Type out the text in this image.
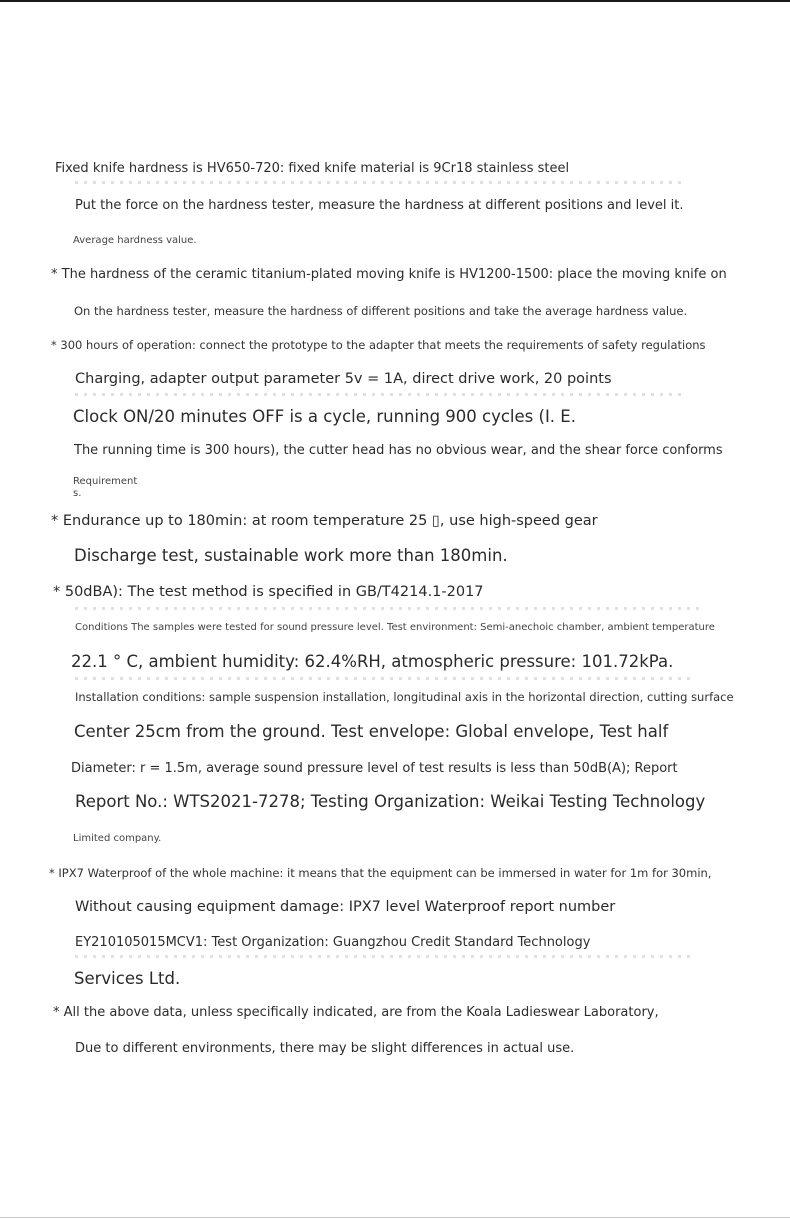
Fixed knife hardness is HV650-720: fixed knife material is 9Cr18 stainless steel
Put the force on the hardness tester, measure the hardness at different positions and level it.
Average hardness value.
* The hardness of the ceramic titanium-plated moving knife is HV1200-1500: place the moving knife on
On the hardness tester, measure the hardness of different positions and take the average hardness value.
* 300 hours of operation: connect the prototype to the adapter that meets the requirements of safety regulations
Charging, adapter output parameter 5v = 1A, direct drive work, 20 points
Clock ON/20 minutes OFF is a cycle, running 900 cycles (I. E.
The running time is 300 hours), the cutter head has no obvious wear, and the shear force conforms
Requirement
s.
* Endurance up to 180min: at room temperature 25 ▯, use high-speed gear
Discharge test, sustainable work more than 180min.
* 50dBA): The test method is specified in GB/T4214.1-2017
Conditions The samples were tested for sound pressure level. Test environment: Semi-anechoic chamber, ambient temperature
22.1 ° C, ambient humidity: 62.4%RH, atmospheric pressure: 101.72kPa.
Installation conditions: sample suspension installation, longitudinal axis in the horizontal direction, cutting surface
Center 25cm from the ground. Test envelope: Global envelope, Test half
Diameter: r = 1.5m, average sound pressure level of test results is less than 50dB(A); Report
Report No.: WTS2021-7278; Testing Organization: Weikai Testing Technology
Limited company.
* IPX7 Waterproof of the whole machine: it means that the equipment can be immersed in water for 1m for 30min,
Without causing equipment damage: IPX7 level Waterproof report number
EY210105015MCV1: Test Organization: Guangzhou Credit Standard Technology
Services Ltd.
* All the above data, unless specifically indicated, are from the Koala Ladieswear Laboratory,
Due to different environments, there may be slight differences in actual use.
